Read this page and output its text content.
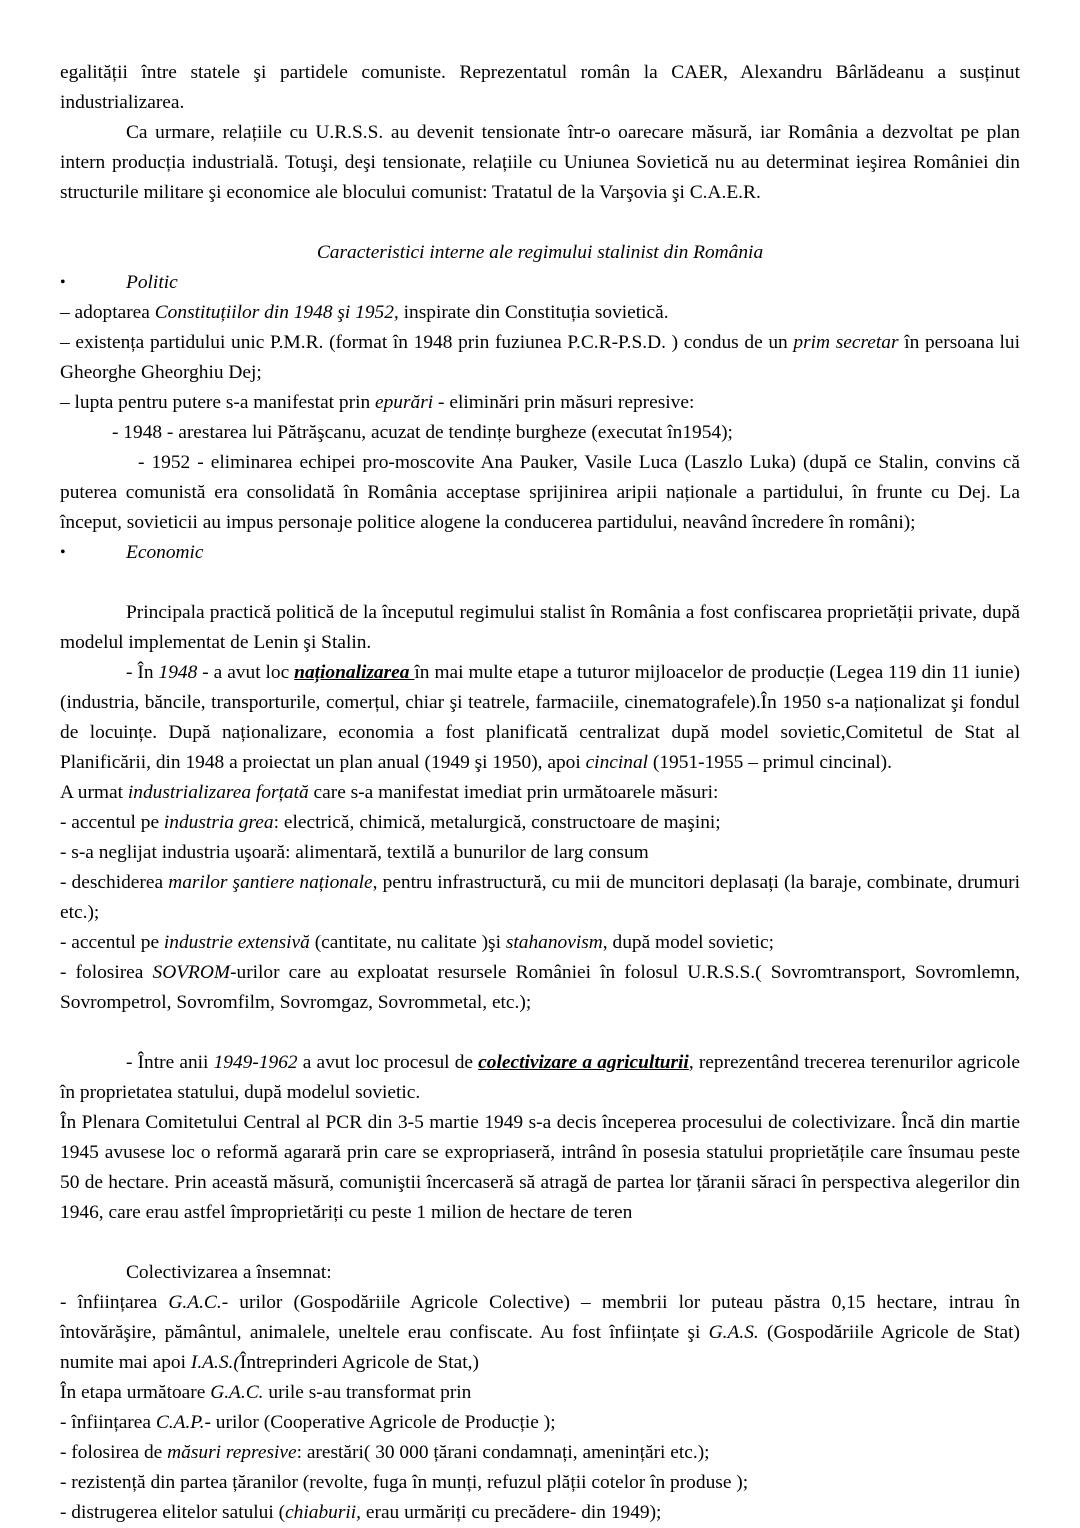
egalității între statele şi partidele comuniste. Reprezentatul român la CAER, Alexandru Bârlădeanu a susținut industrializarea.

Ca urmare, relațiile cu U.R.S.S. au devenit tensionate într-o oarecare măsură, iar România a dezvoltat pe plan intern producția industrială. Totuşi, deşi tensionate, relațiile cu Uniunea Sovietică nu au determinat ieşirea României din structurile militare şi economice ale blocului comunist: Tratatul de la Varşovia şi C.A.E.R.

Caracteristici interne ale regimului stalinist din România

•	Politic

– adoptarea Constituțiilor din 1948 şi 1952, inspirate din Constituția sovietică.

– existența partidului unic P.M.R. (format în 1948 prin fuziunea P.C.R-P.S.D. ) condus de un prim secretar în persoana lui Gheorghe Gheorghiu Dej;

– lupta pentru putere s-a manifestat prin epurări - eliminări prin măsuri represive:

- 1948 - arestarea lui Pătrăşcanu, acuzat de tendințe burgheze (executat în1954);

- 1952 - eliminarea echipei pro-moscovite Ana Pauker, Vasile Luca (Laszlo Luka) (după ce Stalin, convins că puterea comunistă era consolidată în România acceptase sprijinirea aripii naționale a partidului, în frunte cu Dej. La început, sovieticii au impus personaje politice alogene la conducerea partidului, neavând încredere în români);

•	Economic

Principala practică politică de la începutul regimului stalist în România a fost confiscarea proprietății private, după modelul implementat de Lenin şi Stalin.

- În 1948 - a avut loc naționalizarea în mai multe etape a tuturor mijloacelor de producție (Legea 119 din 11 iunie) (industria, băncile, transporturile, comerțul, chiar şi teatrele, farmaciile, cinematografele).În 1950 s-a naționalizat şi fondul de locuințe. După naționalizare, economia a fost planificată centralizat după model sovietic,Comitetul de Stat al Planificării, din 1948 a proiectat un plan anual (1949 şi 1950), apoi cincinal (1951-1955 – primul cincinal).

A urmat industrializarea forțată care s-a manifestat imediat prin următoarele măsuri:

- accentul pe industria grea: electrică, chimică, metalurgică, constructoare de maşini;

- s-a neglijat industria uşoară: alimentară, textilă a bunurilor de larg consum

- deschiderea marilor şantiere naționale, pentru infrastructură, cu mii de muncitori deplasați (la baraje, combinate, drumuri etc.);

- accentul pe industrie extensivă (cantitate, nu calitate )şi stahanovism, după model sovietic;

- folosirea SOVROM-urilor care au exploatat resursele României în folosul U.R.S.S.( Sovromtransport, Sovromlemn, Sovrompetrol, Sovromfilm, Sovromgaz, Sovrommetal, etc.);

- Între anii 1949-1962 a avut loc procesul de colectivizare a agriculturii, reprezentând trecerea terenurilor agricole în proprietatea statului, după modelul sovietic.

În Plenara Comitetului Central al PCR din 3-5 martie 1949 s-a decis începerea procesului de colectivizare. Încă din martie 1945 avusese loc o reformă agarară prin care se expropriaseră, intrând în posesia statului proprietățile care însumau peste 50 de hectare. Prin această măsură, comuniştii încercaseră să atragă de partea lor țăranii săraci în perspectiva alegerilor din 1946, care erau astfel împroprietăriți cu peste 1 milion de hectare de teren

Colectivizarea a însemnat:

- înființarea G.A.C.- urilor (Gospodăriile Agricole Colective) – membrii lor puteau păstra 0,15 hectare, intrau în întovărăşire, pământul, animalele, uneltele erau confiscate. Au fost înființate şi G.A.S. (Gospodăriile Agricole de Stat) numite mai apoi I.A.S.(Întreprinderi Agricole de Stat,)

În etapa următoare G.A.C. urile s-au transformat prin

- înființarea C.A.P.- urilor (Cooperative Agricole de Producție );

- folosirea de măsuri represive: arestări( 30 000 țărani condamnați, amenințări etc.);

- rezistență din partea țăranilor (revolte, fuga în munți, refuzul plății cotelor în produse );

- distrugerea elitelor satului (chiaburii, erau urmăriți cu precădere- din 1949);
